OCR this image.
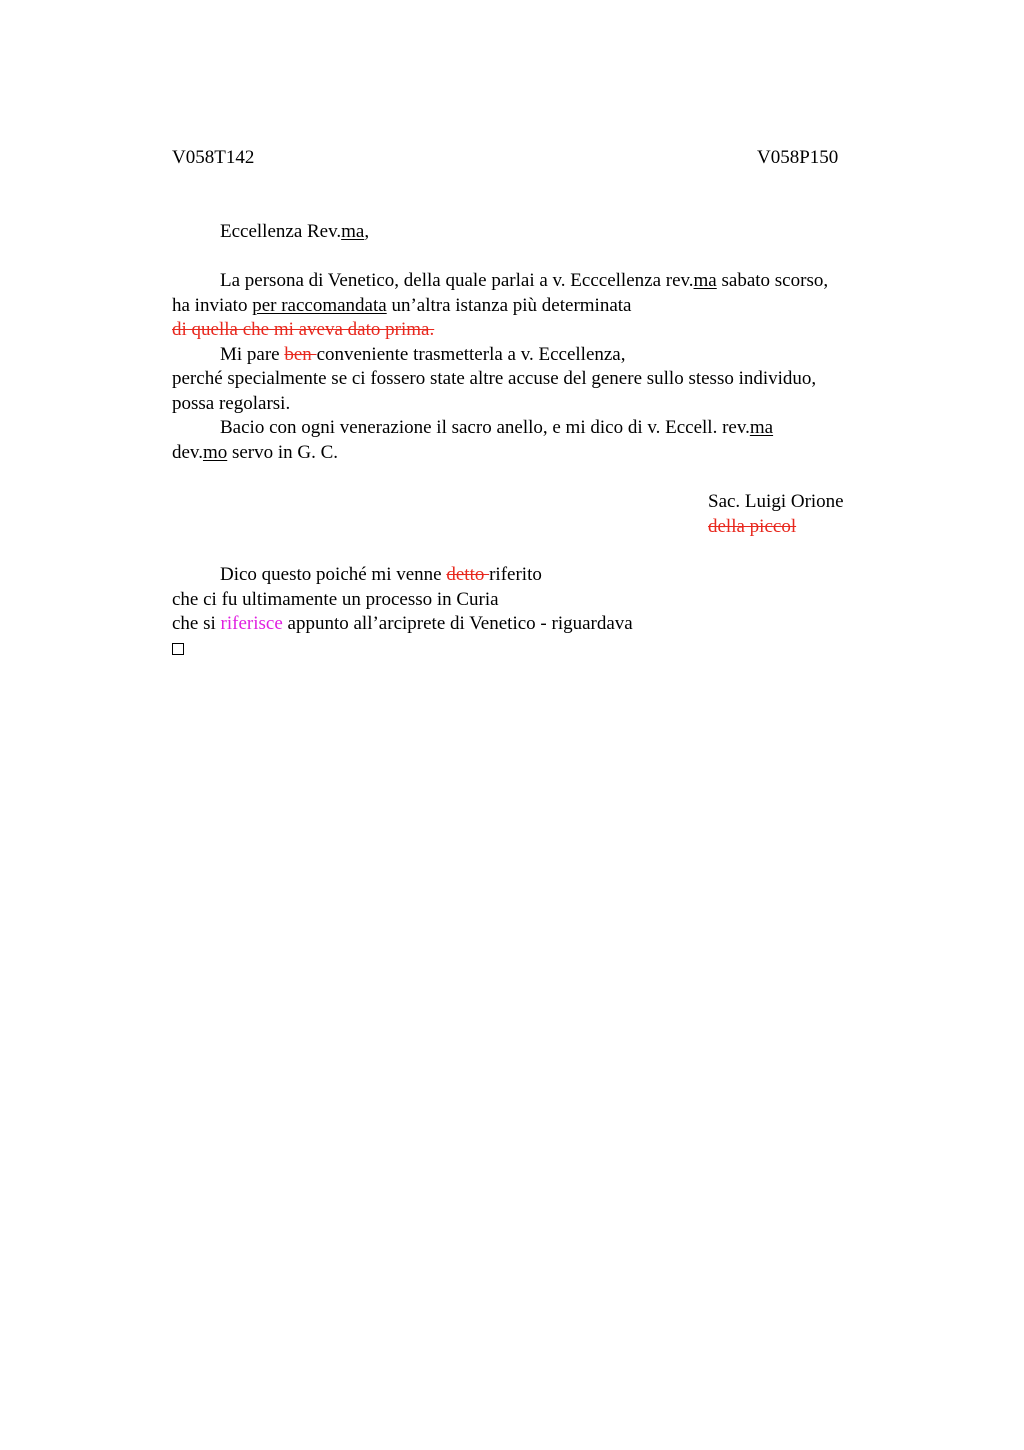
V058T142	V058P150
Eccellenza Rev.ma,
La persona di Venetico, della quale parlai a v. Ecccellenza rev.ma sabato scorso,
ha inviato per raccomandata un’altra istanza più determinata
di quella che mi aveva dato prima.
Mi pare ben conveniente trasmetterla a v. Eccellenza,
perché specialmente se ci fossero state altre accuse del genere sullo stesso individuo,
possa regolarsi.
Bacio con ogni venerazione il sacro anello, e mi dico di v. Eccell. rev.ma
dev.mo servo in G. C.
Sac. Luigi Orione
della piccol
Dico questo poiché mi venne detto riferito
che ci fu ultimamente un processo in Curia
che si riferisce appunto all’arciprete di Venetico - riguardava
